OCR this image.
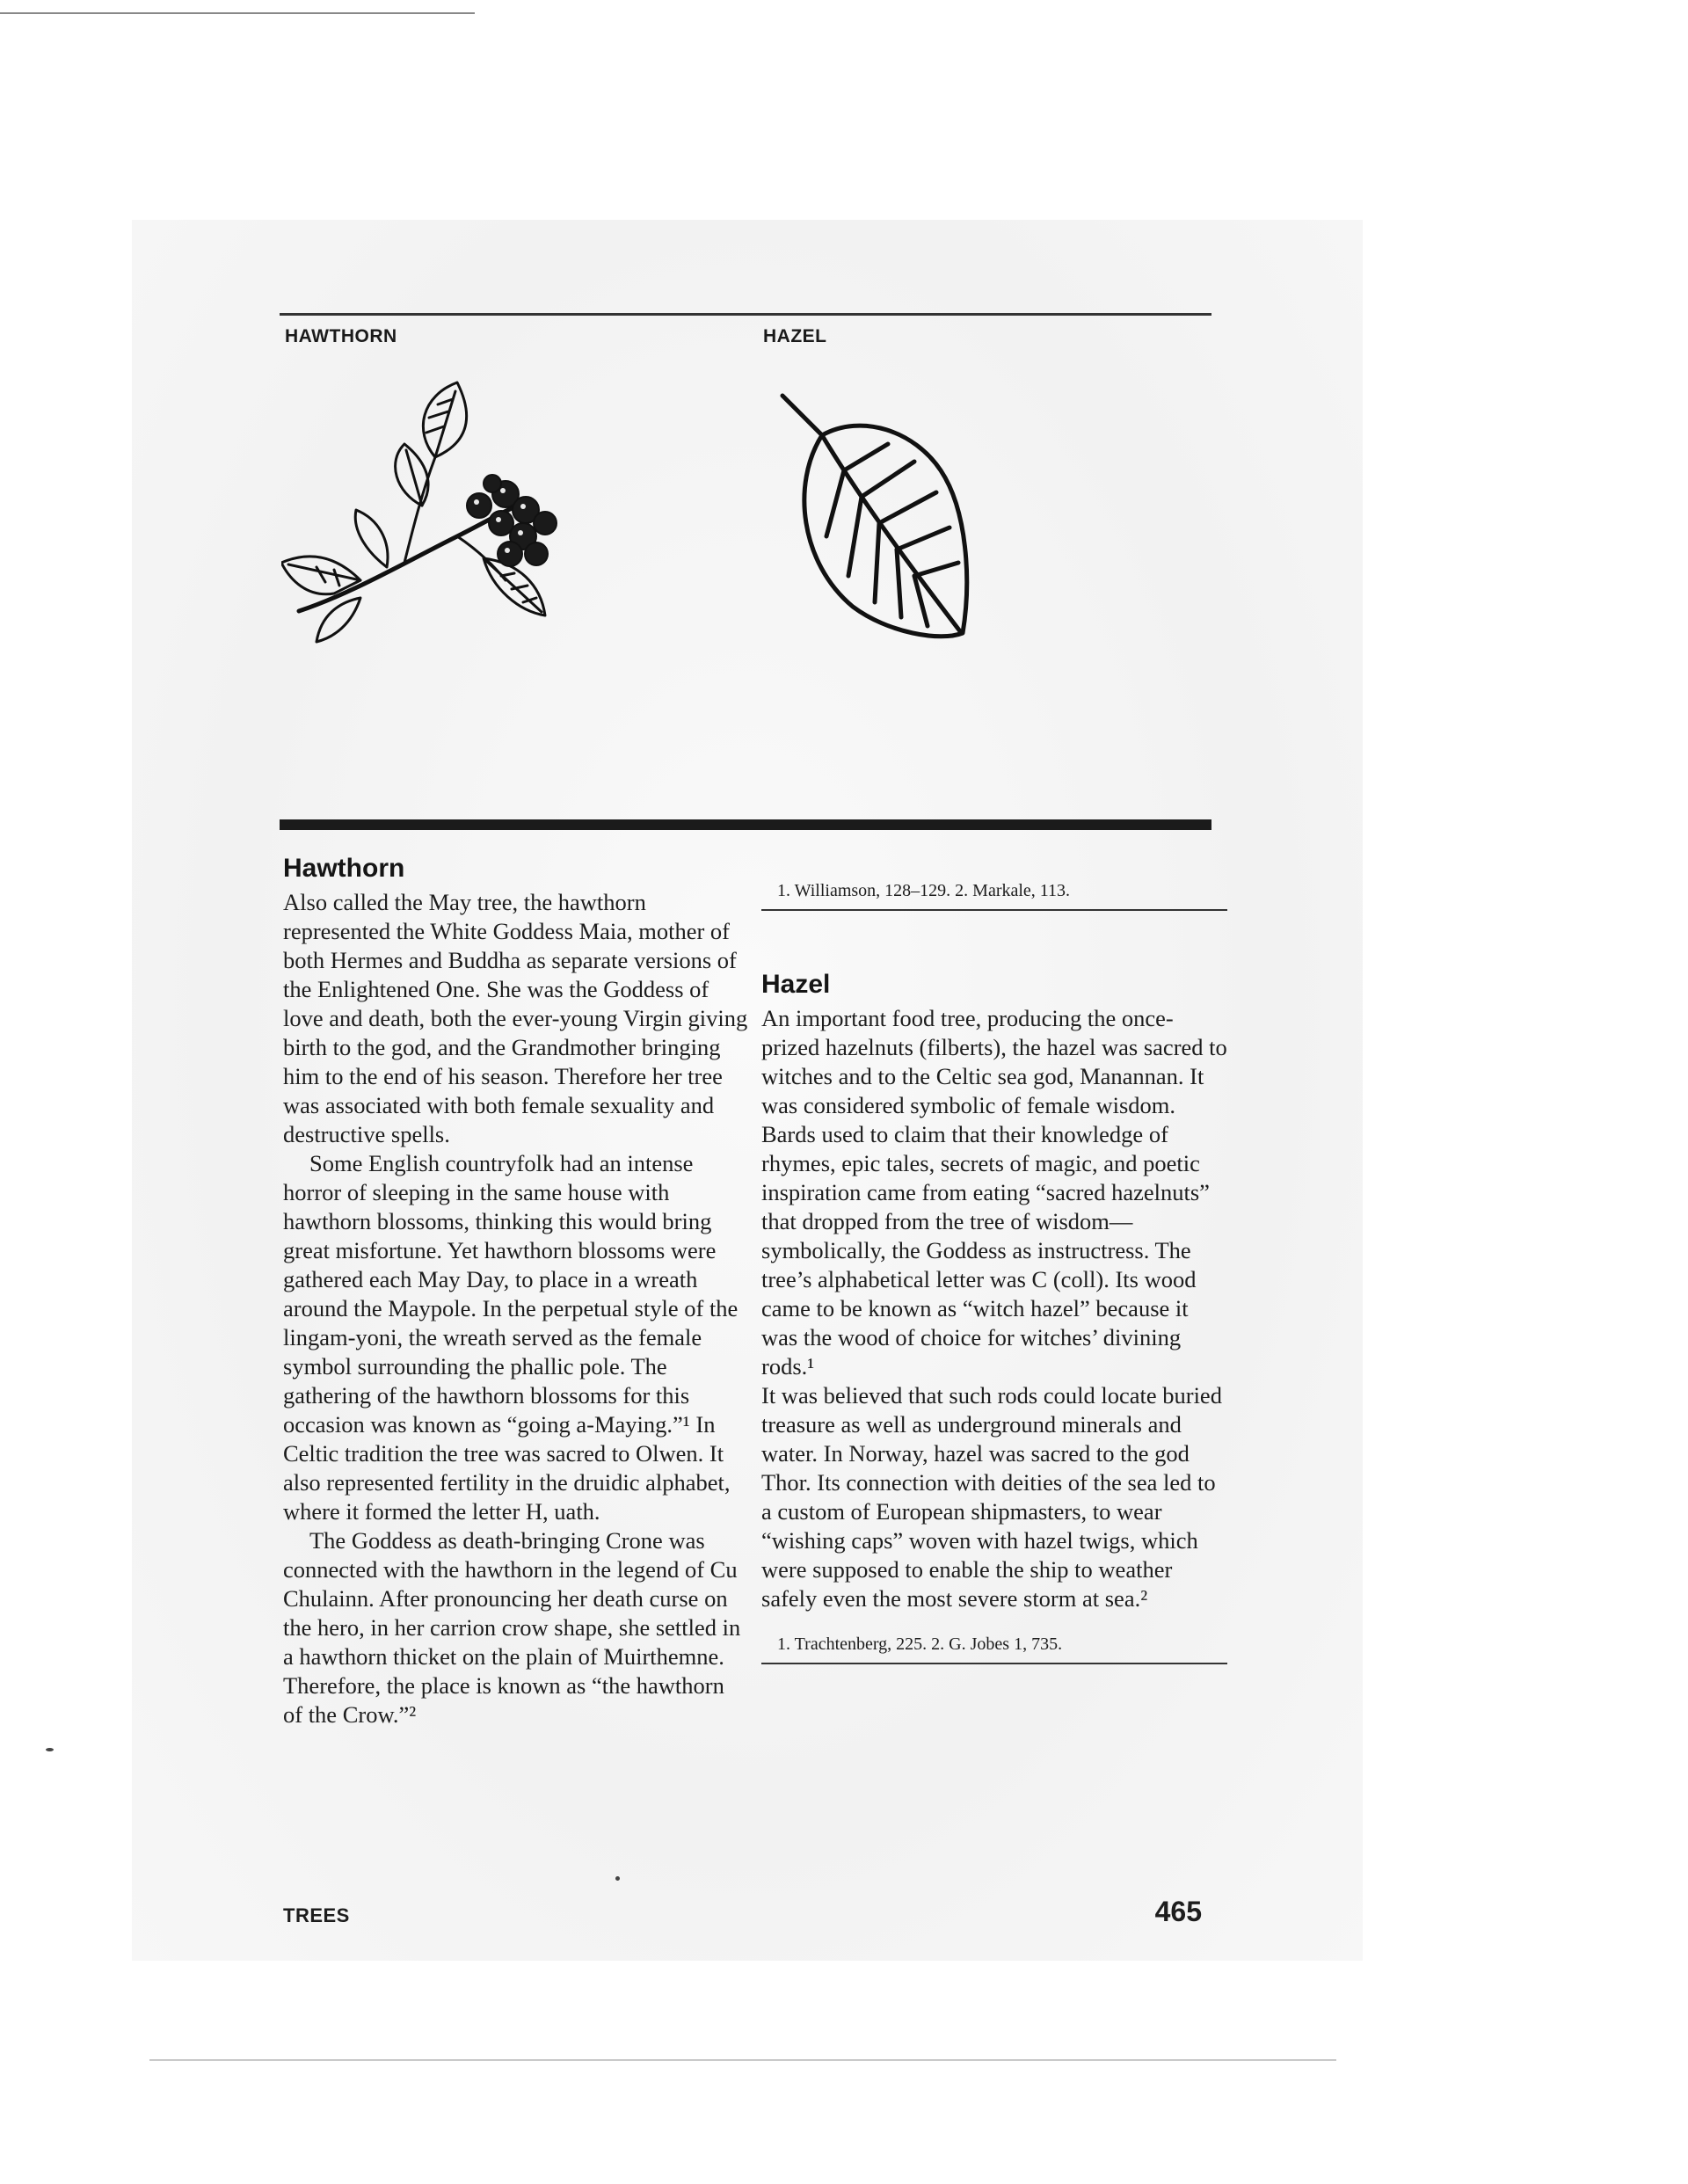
HAWTHORN	HAZEL
Hawthorn

Also called the May tree, the hawthorn represented the White Goddess Maia, mother of both Hermes and Buddha as separate versions of the Enlightened One. She was the Goddess of love and death, both the ever-young Virgin giving birth to the god, and the Grandmother bringing him to the end of his season. Therefore her tree was associated with both female sexuality and destructive spells.

Some English countryfolk had an intense horror of sleeping in the same house with hawthorn blossoms, thinking this would bring great misfortune. Yet hawthorn blossoms were gathered each May Day, to place in a wreath around the Maypole. In the perpetual style of the lingam-yoni, the wreath served as the female symbol surrounding the phallic pole. The gathering of the hawthorn blossoms for this occasion was known as “going a-Maying.”¹ In Celtic tradition the tree was sacred to Olwen. It also represented fertility in the druidic alphabet, where it formed the letter H, uath.

The Goddess as death-bringing Crone was connected with the hawthorn in the legend of Cu Chulainn. After pronouncing her death curse on the hero, in her carrion crow shape, she settled in a hawthorn thicket on the plain of Muirthemne. Therefore, the place is known as “the hawthorn of the Crow.”²

1. Williamson, 128–129. 2. Markale, 113.
Hazel

An important food tree, producing the once-prized hazelnuts (filberts), the hazel was sacred to witches and to the Celtic sea god, Manannan. It was considered symbolic of female wisdom. Bards used to claim that their knowledge of rhymes, epic tales, secrets of magic, and poetic inspiration came from eating “sacred hazelnuts” that dropped from the tree of wisdom—symbolically, the Goddess as instructress. The tree’s alphabetical letter was C (coll). Its wood came to be known as “witch hazel” because it was the wood of choice for witches’ divining rods.¹

It was believed that such rods could locate buried treasure as well as underground minerals and water. In Norway, hazel was sacred to the god Thor. Its connection with deities of the sea led to a custom of European shipmasters, to wear “wishing caps” woven with hazel twigs, which were supposed to enable the ship to weather safely even the most severe storm at sea.²

1. Trachtenberg, 225. 2. G. Jobes 1, 735.
TREES	465
